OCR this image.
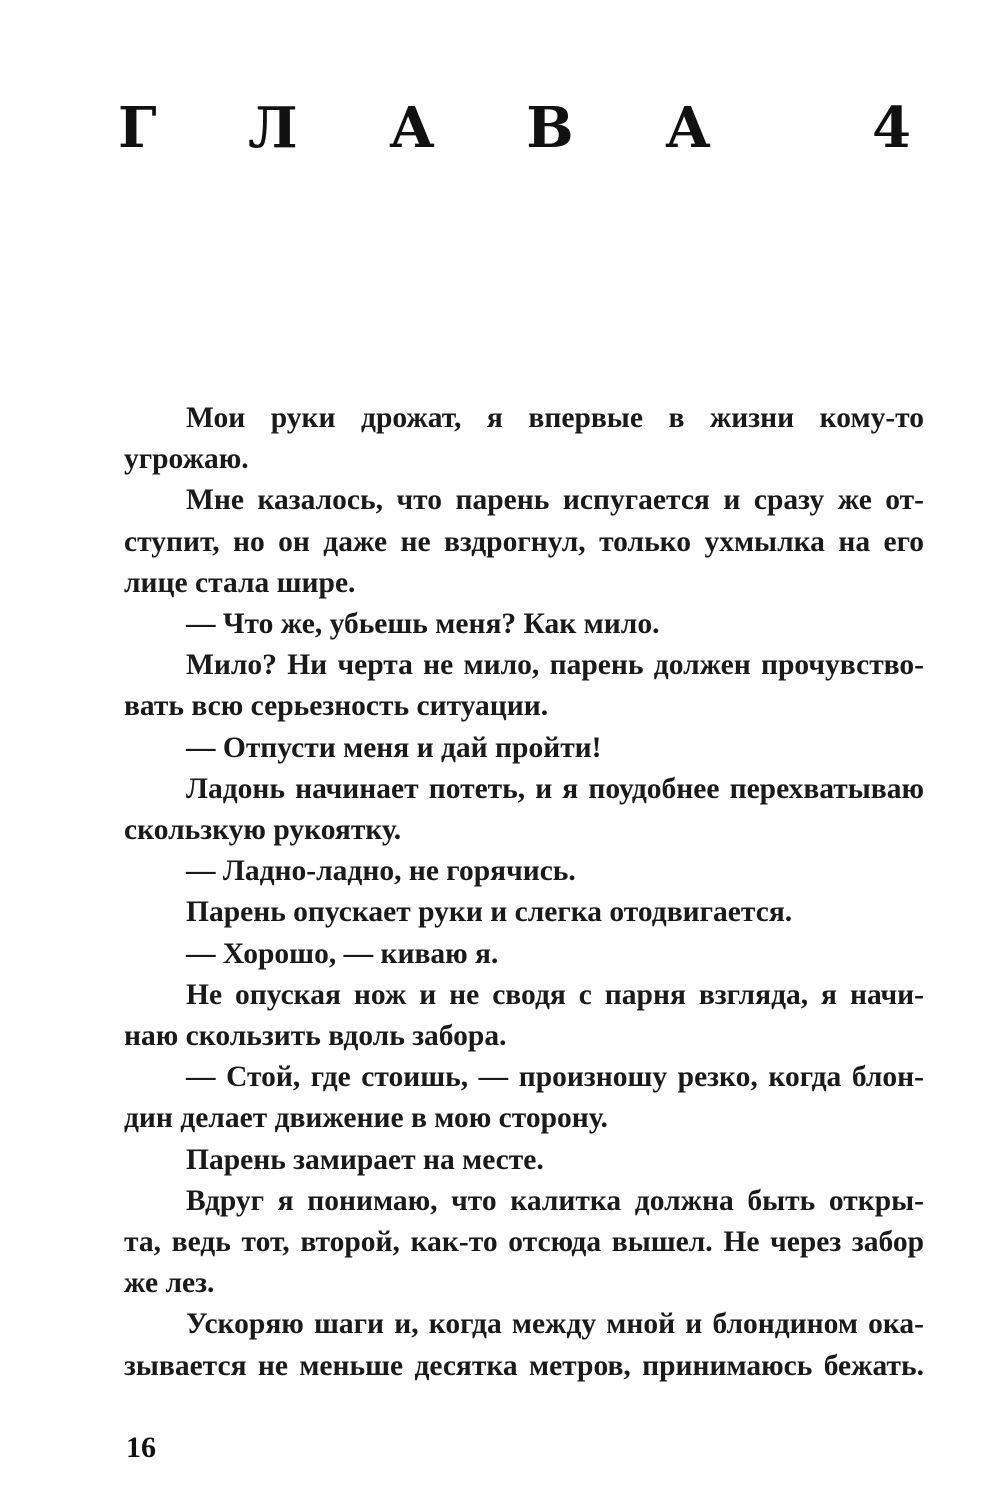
Г Л А В А 4
Мои руки дрожат, я впервые в жизни кому-то
угрожаю.
Мне казалось, что парень испугается и сразу же от-
ступит, но он даже не вздрогнул, только ухмылка на его
лице стала шире.
— Что же, убьешь меня? Как мило.
Мило? Ни черта не мило, парень должен прочувство-
вать всю серьезность ситуации.
— Отпусти меня и дай пройти!
Ладонь начинает потеть, и я поудобнее перехватываю
скользкую рукоятку.
— Ладно-ладно, не горячись.
Парень опускает руки и слегка отодвигается.
— Хорошо, — киваю я.
Не опуская нож и не сводя с парня взгляда, я начи-
наю скользить вдоль забора.
— Стой, где стоишь, — произношу резко, когда блон-
дин делает движение в мою сторону.
Парень замирает на месте.
Вдруг я понимаю, что калитка должна быть откры-
та, ведь тот, второй, как-то отсюда вышел. Не через забор
же лез.
Ускоряю шаги и, когда между мной и блондином ока-
зывается не меньше десятка метров, принимаюсь бежать.
16
